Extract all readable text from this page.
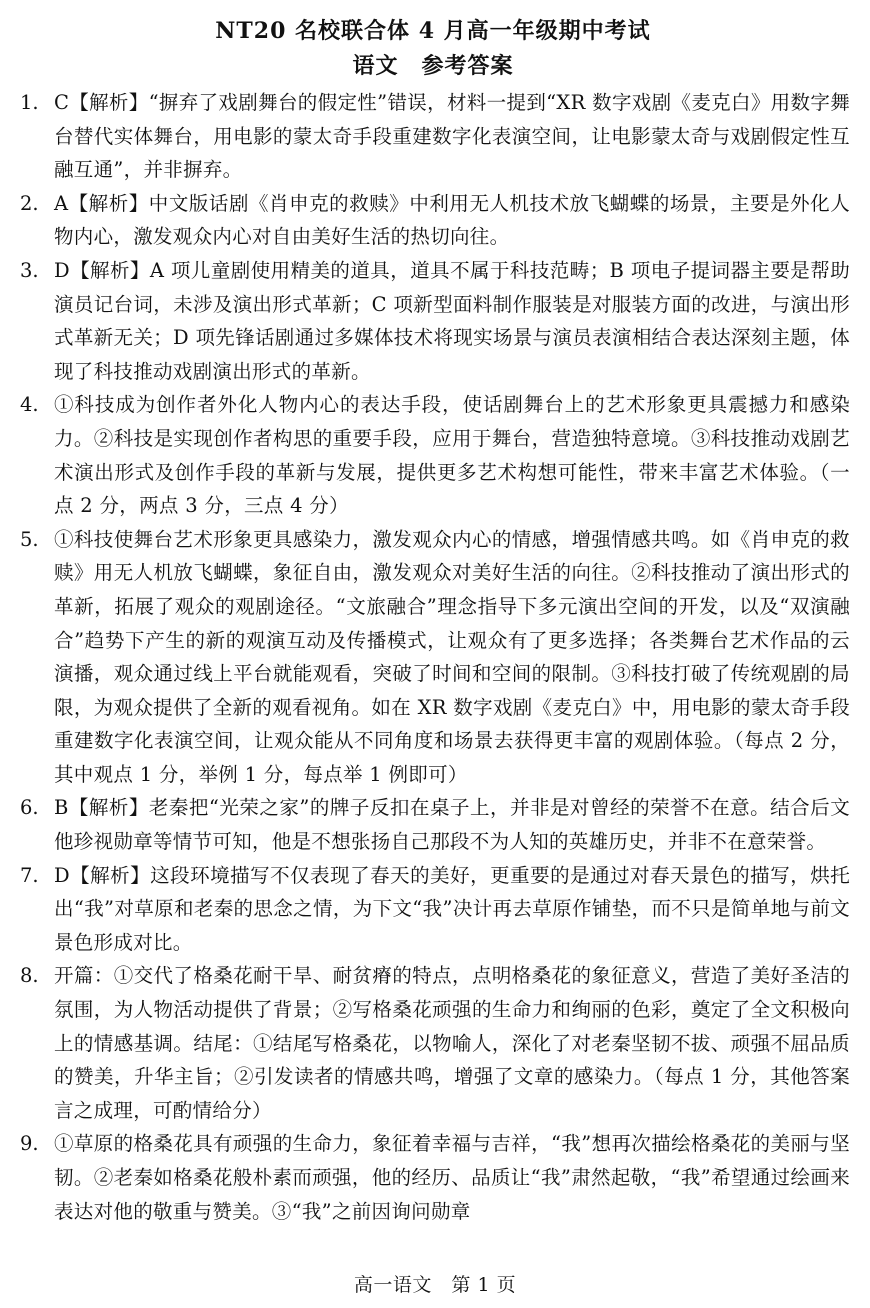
NT20 名校联合体 4 月高一年级期中考试
语文　参考答案
1. C【解析】“摒弃了戏剧舞台的假定性”错误，材料一提到“XR 数字戏剧《麦克白》用数字舞台替代实体舞台，用电影的蒙太奇手段重建数字化表演空间，让电影蒙太奇与戏剧假定性互融互通”，并非摒弃。
2. A【解析】中文版话剧《肖申克的救赎》中利用无人机技术放飞蝴蝶的场景，主要是外化人物内心，激发观众内心对自由美好生活的热切向往。
3. D【解析】A 项儿童剧使用精美的道具，道具不属于科技范畴；B 项电子提词器主要是帮助演员记台词，未涉及演出形式革新；C 项新型面料制作服装是对服装方面的改进，与演出形式革新无关；D 项先锋话剧通过多媒体技术将现实场景与演员表演相结合表达深刻主题，体现了科技推动戏剧演出形式的革新。
4. ①科技成为创作者外化人物内心的表达手段，使话剧舞台上的艺术形象更具震撼力和感染力。②科技是实现创作者构思的重要手段，应用于舞台，营造独特意境。③科技推动戏剧艺术演出形式及创作手段的革新与发展，提供更多艺术构想可能性，带来丰富艺术体验。（一点 2 分，两点 3 分，三点 4 分）
5. ①科技使舞台艺术形象更具感染力，激发观众内心的情感，增强情感共鸣。如《肖申克的救赎》用无人机放飞蝴蝶，象征自由，激发观众对美好生活的向往。②科技推动了演出形式的革新，拓展了观众的观剧途径。“文旅融合”理念指导下多元演出空间的开发，以及“双演融合”趋势下产生的新的观演互动及传播模式，让观众有了更多选择；各类舞台艺术作品的云演播，观众通过线上平台就能观看，突破了时间和空间的限制。③科技打破了传统观剧的局限，为观众提供了全新的观看视角。如在 XR 数字戏剧《麦克白》中，用电影的蒙太奇手段重建数字化表演空间，让观众能从不同角度和场景去获得更丰富的观剧体验。（每点 2 分，其中观点 1 分，举例 1 分，每点举 1 例即可）
6. B【解析】老秦把“光荣之家”的牌子反扣在桌子上，并非是对曾经的荣誉不在意。结合后文他珍视勋章等情节可知，他是不想张扬自己那段不为人知的英雄历史，并非不在意荣誉。
7. D【解析】这段环境描写不仅表现了春天的美好，更重要的是通过对春天景色的描写，烘托出“我”对草原和老秦的思念之情，为下文“我”决计再去草原作铺垫，而不只是简单地与前文景色形成对比。
8. 开篇：①交代了格桑花耐干旱、耐贫瘠的特点，点明格桑花的象征意义，营造了美好圣洁的氛围，为人物活动提供了背景；②写格桑花顽强的生命力和绚丽的色彩，奠定了全文积极向上的情感基调。结尾：①结尾写格桑花，以物喻人，深化了对老秦坚韧不拔、顽强不屈品质的赞美，升华主旨；②引发读者的情感共鸣，增强了文章的感染力。（每点 1 分，其他答案言之成理，可酌情给分）
9. ①草原的格桑花具有顽强的生命力，象征着幸福与吉祥，“我”想再次描绘格桑花的美丽与坚韧。②老秦如格桑花般朴素而顽强，他的经历、品质让“我”肃然起敬，“我”希望通过绘画来表达对他的敬重与赞美。③“我”之前因询问勋章
高一语文　第 1 页
